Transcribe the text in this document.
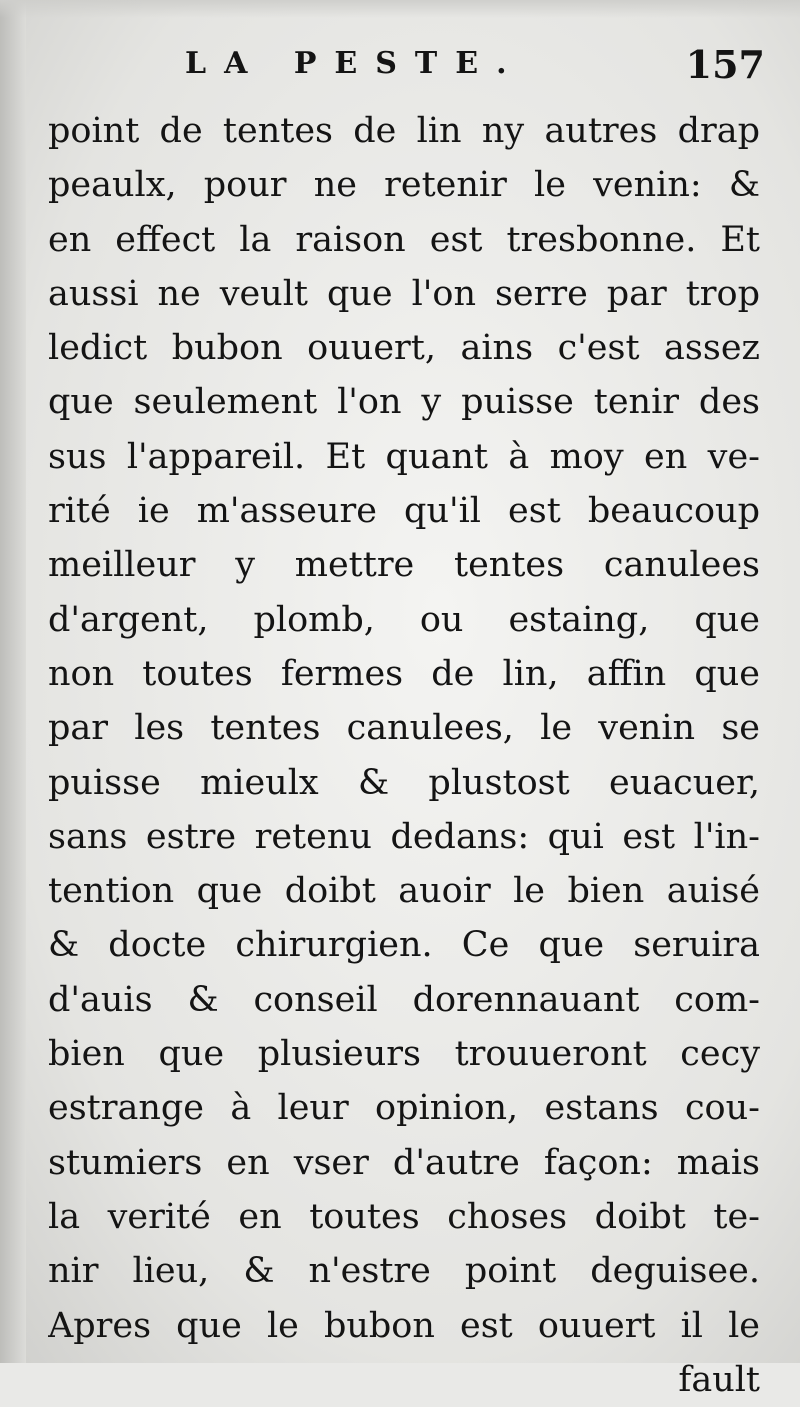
LA PESTE.	157
point de tentes de lin ny autres drap
peaulx, pour ne retenir le venin: &
en effect la raison est tresbonne. Et
aussi ne veult que l'on serre par trop
ledict bubon ouuert, ains c'est assez
que seulement l'on y puisse tenir des
sus l'appareil. Et quant à moy en ve-
rité ie m'asseure qu'il est beaucoup
meilleur y mettre tentes canulees
d'argent, plomb, ou estaing, que
non toutes fermes de lin, affin que
par les tentes canulees, le venin se
puisse mieulx & plustost euacuer,
sans estre retenu dedans: qui est l'in-
tention que doibt auoir le bien auisé
& docte chirurgien. Ce que seruira
d'auis & conseil dorennauant com-
bien que plusieurs trouueront cecy
estrange à leur opinion, estans cou-
stumiers en vser d'autre façon: mais
la verité en toutes choses doibt te-
nir lieu, & n'estre point deguisee.
Apres que le bubon est ouuert il le
fault
